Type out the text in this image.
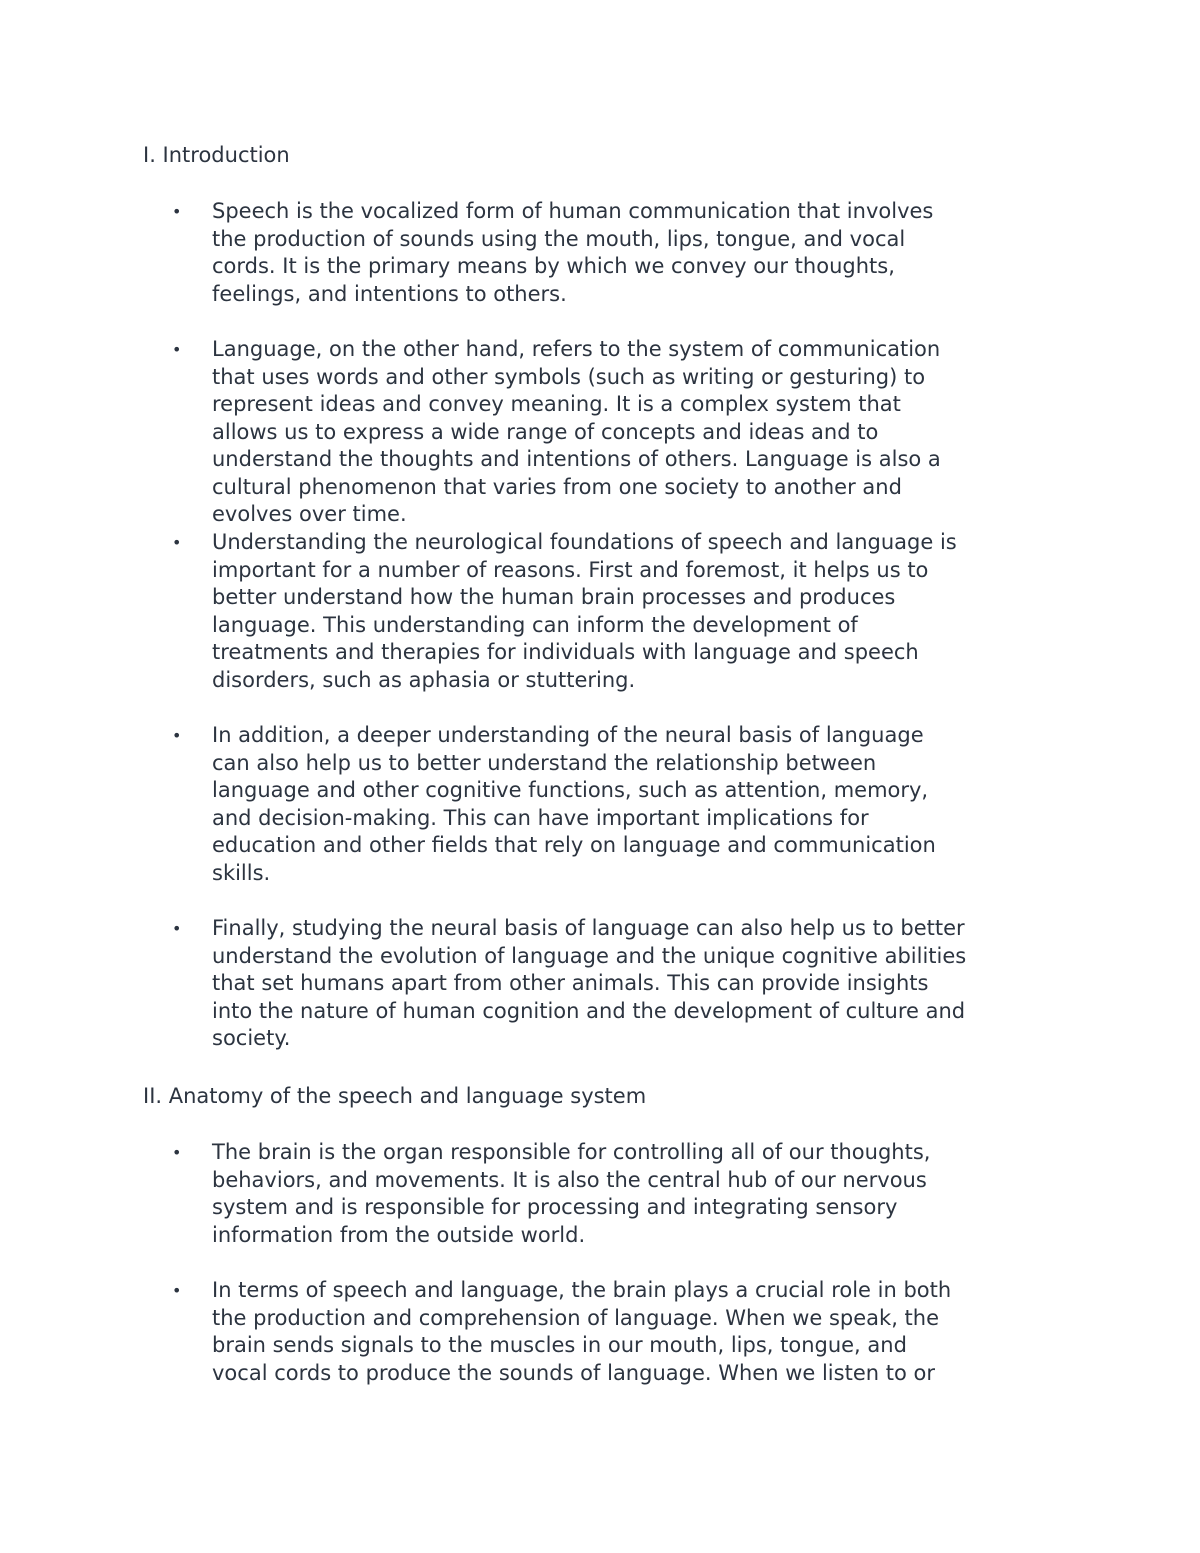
I. Introduction
• Speech is the vocalized form of human communication that involves
the production of sounds using the mouth, lips, tongue, and vocal
cords. It is the primary means by which we convey our thoughts,
feelings, and intentions to others.
• Language, on the other hand, refers to the system of communication
that uses words and other symbols (such as writing or gesturing) to
represent ideas and convey meaning. It is a complex system that
allows us to express a wide range of concepts and ideas and to
understand the thoughts and intentions of others. Language is also a
cultural phenomenon that varies from one society to another and
evolves over time.
• Understanding the neurological foundations of speech and language is
important for a number of reasons. First and foremost, it helps us to
better understand how the human brain processes and produces
language. This understanding can inform the development of
treatments and therapies for individuals with language and speech
disorders, such as aphasia or stuttering.
• In addition, a deeper understanding of the neural basis of language
can also help us to better understand the relationship between
language and other cognitive functions, such as attention, memory,
and decision-making. This can have important implications for
education and other fields that rely on language and communication
skills.
• Finally, studying the neural basis of language can also help us to better
understand the evolution of language and the unique cognitive abilities
that set humans apart from other animals. This can provide insights
into the nature of human cognition and the development of culture and
society.
II. Anatomy of the speech and language system
• The brain is the organ responsible for controlling all of our thoughts,
behaviors, and movements. It is also the central hub of our nervous
system and is responsible for processing and integrating sensory
information from the outside world.
• In terms of speech and language, the brain plays a crucial role in both
the production and comprehension of language. When we speak, the
brain sends signals to the muscles in our mouth, lips, tongue, and
vocal cords to produce the sounds of language. When we listen to or
